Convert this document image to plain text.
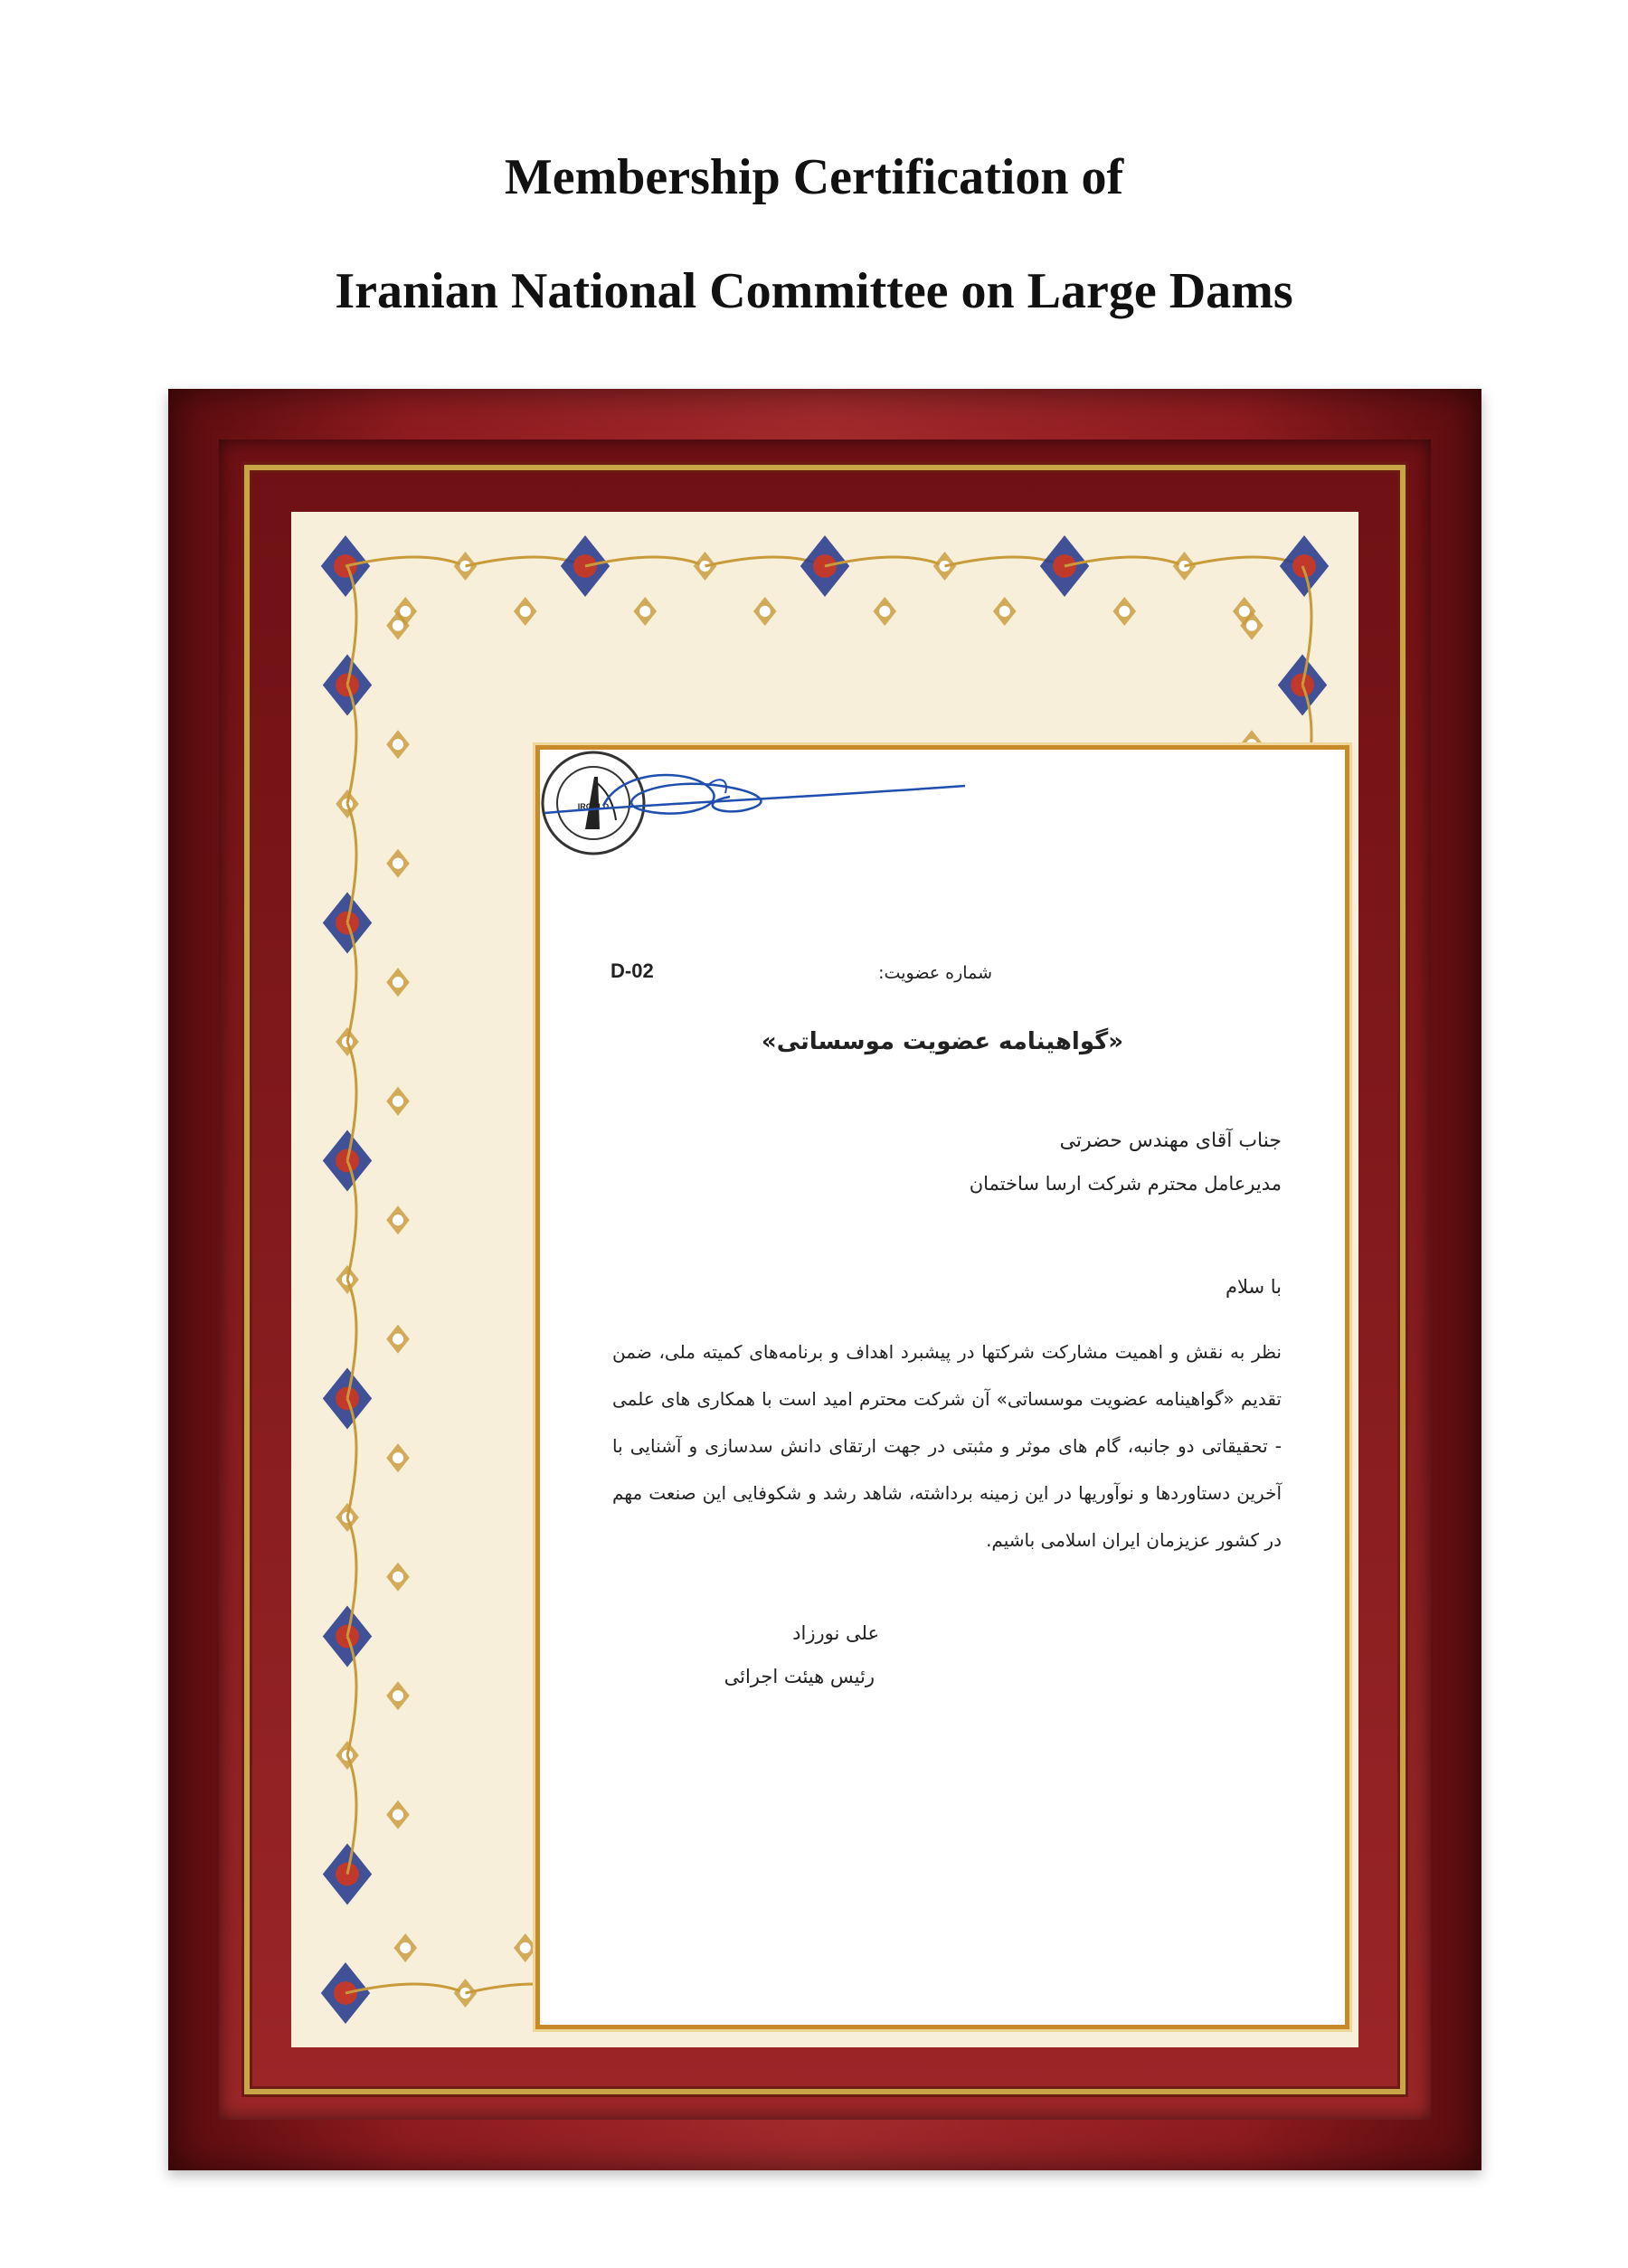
Membership Certification of
Iranian National Committee on Large Dams
IRCOLD
شماره عضویت:
D-02
«گواهینامه عضویت موسساتی»
جناب آقای مهندس حضرتی
مدیرعامل محترم شرکت ارسا ساختمان
با سلام
نظر به نقش و اهمیت مشارکت شرکتها در پیشبرد اهداف و برنامه‌های کمیته ملی، ضمن تقدیم «گواهینامه عضویت موسساتی» آن شرکت محترم امید است با همکاری های علمی - تحقیقاتی دو جانبه، گام های موثر و مثبتی در جهت ارتقای دانش سدسازی و آشنایی با آخرین دستاوردها و نوآوریها در این زمینه برداشته، شاهد رشد و شکوفایی این صنعت مهم در کشور عزیزمان ایران اسلامی باشیم.
علی نورزاد
رئیس هیئت اجرائی
